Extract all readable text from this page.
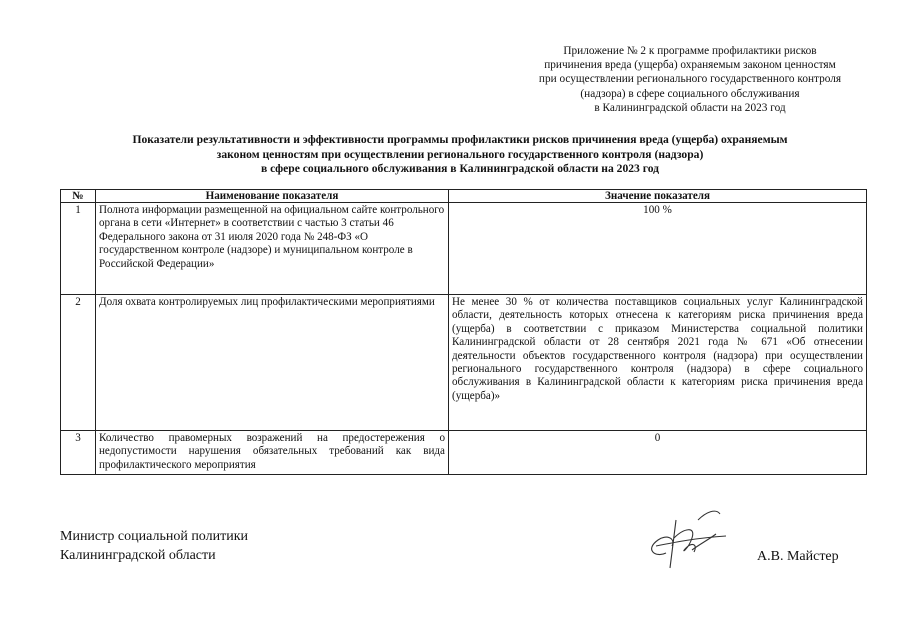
Приложение № 2 к программе профилактики рисков
причинения вреда (ущерба) охраняемым законом ценностям
при осуществлении регионального государственного контроля
(надзора) в сфере социального обслуживания
в Калининградской области на 2023 год
Показатели результативности и эффективности программы профилактики рисков причинения вреда (ущерба) охраняемым
законом ценностям при осуществлении регионального государственного контроля (надзора)
в сфере социального обслуживания в Калининградской области на 2023 год
№	Наименование показателя	Значение показателя
1	Полнота информации размещенной на официальном сайте контрольного органа в сети «Интернет» в соответствии с частью 3 статьи 46 Федерального закона от 31 июля 2020 года № 248-ФЗ «О государственном контроле (надзоре) и муниципальном контроле в Российской Федерации»	100 %
2	Доля охвата контролируемых лиц профилактическими мероприятиями	Не менее 30 % от количества поставщиков социальных услуг Калининградской области, деятельность которых отнесена к категориям риска причинения вреда (ущерба) в соответствии с приказом Министерства социальной политики Калининградской области от 28 сентября 2021 года № 671 «Об отнесении деятельности объектов государственного контроля (надзора) при осуществлении регионального государственного контроля (надзора) в сфере социального обслуживания в Калининградской области к категориям риска причинения вреда (ущерба)»
3	Количество правомерных возражений на предостережения о недопустимости нарушения обязательных требований как вида профилактического мероприятия	0
Министр социальной политики
Калининградской области	А.В. Майстер
